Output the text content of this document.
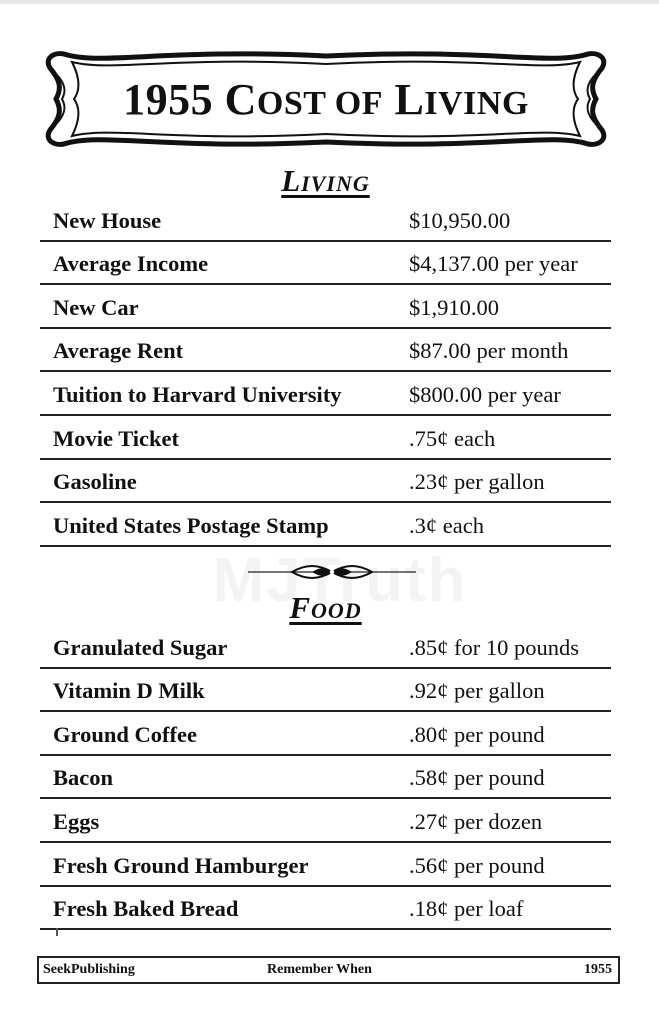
1955 COST OF LIVING
Living
New House	$10,950.00
Average Income	$4,137.00 per year
New Car	$1,910.00
Average Rent	$87.00 per month
Tuition to Harvard University	$800.00 per year
Movie Ticket	.75¢ each
Gasoline	.23¢ per gallon
United States Postage Stamp	.3¢ each
Food
Granulated Sugar	.85¢ for 10 pounds
Vitamin D Milk	.92¢ per gallon
Ground Coffee	.80¢ per pound
Bacon	.58¢ per pound
Eggs	.27¢ per dozen
Fresh Ground Hamburger	.56¢ per pound
Fresh Baked Bread	.18¢ per loaf
SeekPublishing	Remember When	1955
